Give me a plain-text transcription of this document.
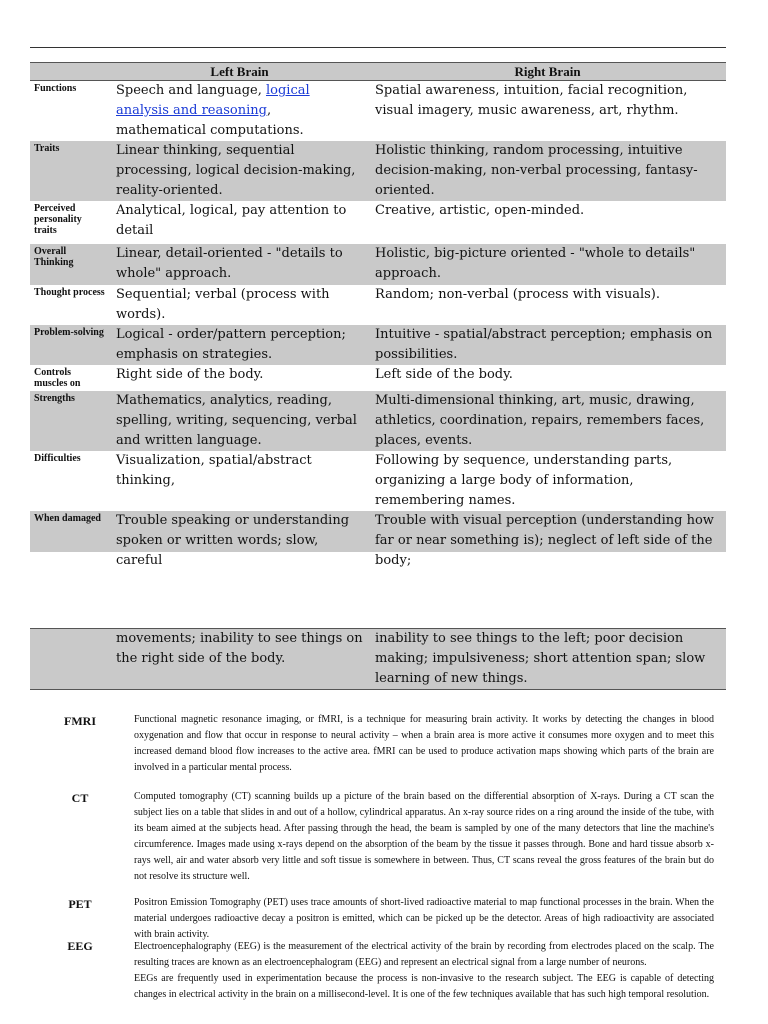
	Left Brain	Right Brain
Functions	Speech and language, logical analysis and reasoning, mathematical computations.	Spatial awareness, intuition, facial recognition, visual imagery, music awareness, art, rhythm.
Traits	Linear thinking, sequential processing, logical decision-making, reality-oriented.	Holistic thinking, random processing, intuitive decision-making, non-verbal processing, fantasy-oriented.
Perceived personality traits	Analytical, logical, pay attention to detail	Creative, artistic, open-minded.
Overall Thinking	Linear, detail-oriented - "details to whole" approach.	Holistic, big-picture oriented - "whole to details" approach.
Thought process	Sequential; verbal (process with words).	Random; non-verbal (process with visuals).
Problem-solving	Logical - order/pattern perception; emphasis on strategies.	Intuitive - spatial/abstract perception; emphasis on possibilities.

Controls muscles on	Right side of the body.	Left side of the body.
Strengths	Mathematics, analytics, reading, spelling, writing, sequencing, verbal and written language.	Multi-dimensional thinking, art, music, drawing, athletics, coordination, repairs, remembers faces, places, events.
Difficulties	Visualization, spatial/abstract thinking,	Following by sequence, understanding parts, organizing a large body of information, remembering names.
When damaged	Trouble speaking or understanding spoken or written words; slow, careful	Trouble with visual perception (understanding how far or near something is); neglect of left side of the body;
	movements; inability to see things on the right side of the body.	inability to see things to the left; poor decision making; impulsiveness; short attention span; slow learning of new things.
FMRI	Functional magnetic resonance imaging, or fMRI, is a technique for measuring brain activity. It works by detecting the changes in blood oxygenation and flow that occur in response to neural activity – when a brain area is more active it consumes more oxygen and to meet this increased demand blood flow increases to the active area. fMRI can be used to produce activation maps showing which parts of the brain are involved in a particular mental process.
CT	Computed tomography (CT) scanning builds up a picture of the brain based on the differential absorption of X-rays. During a CT scan the subject lies on a table that slides in and out of a hollow, cylindrical apparatus. An x-ray source rides on a ring around the inside of the tube, with its beam aimed at the subjects head. After passing through the head, the beam is sampled by one of the many detectors that line the machine's circumference. Images made using x-rays depend on the absorption of the beam by the tissue it passes through. Bone and hard tissue absorb x-rays well, air and water absorb very little and soft tissue is somewhere in between. Thus, CT scans reveal the gross features of the brain but do not resolve its structure well.
PET	Positron Emission Tomography (PET) uses trace amounts of short-lived radioactive material to map functional processes in the brain. When the material undergoes radioactive decay a positron is emitted, which can be picked up be the detector. Areas of high radioactivity are associated with brain activity.
EEG	Electroencephalography (EEG) is the measurement of the electrical activity of the brain by recording from electrodes placed on the scalp. The resulting traces are known as an electroencephalogram (EEG) and represent an electrical signal from a large number of neurons.
EEGs are frequently used in experimentation because the process is non-invasive to the research subject. The EEG is capable of detecting changes in electrical activity in the brain on a millisecond-level. It is one of the few techniques available that has such high temporal resolution.
